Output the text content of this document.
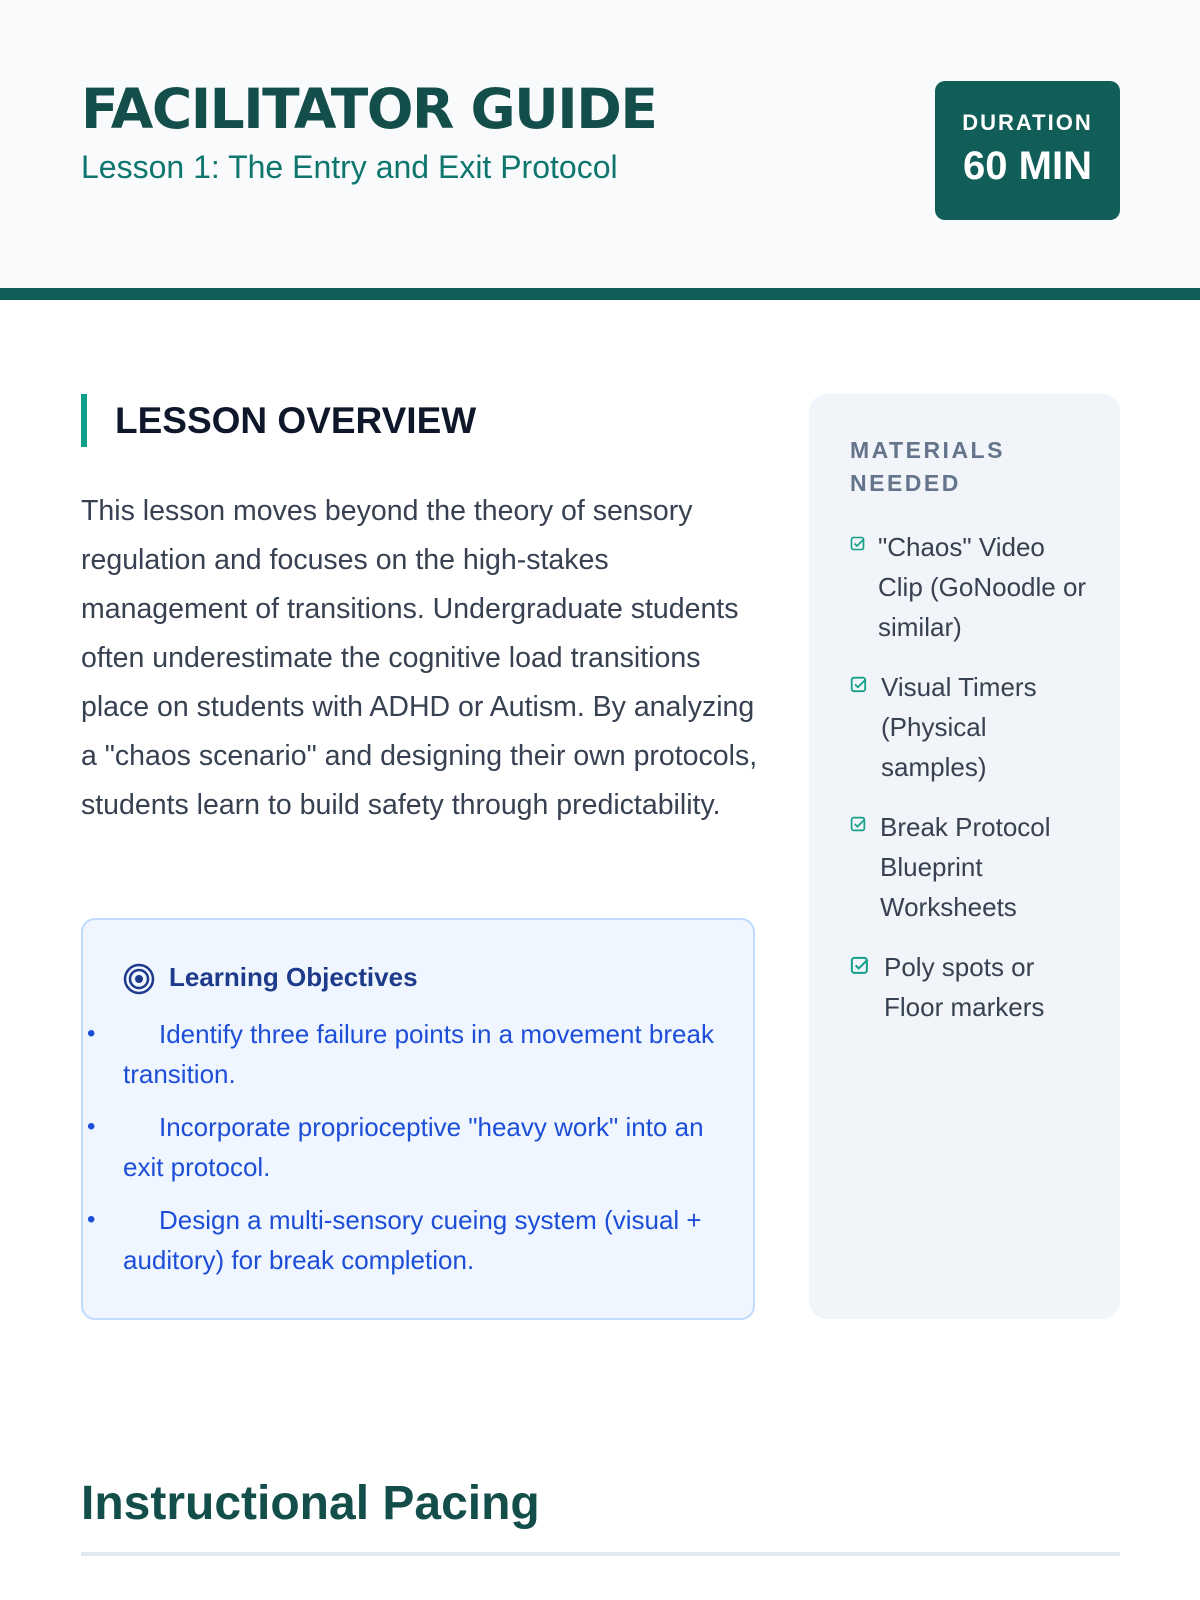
FACILITATOR GUIDE
Lesson 1: The Entry and Exit Protocol
DURATION
60 MIN
LESSON OVERVIEW

This lesson moves beyond the theory of sensory regulation and focuses on the high-stakes management of transitions. Undergraduate students often underestimate the cognitive load transitions place on students with ADHD or Autism. By analyzing a "chaos scenario" and designing their own protocols, students learn to build safety through predictability.

Learning Objectives
• Identify three failure points in a movement break transition.
• Incorporate proprioceptive "heavy work" into an exit protocol.
• Design a multi-sensory cueing system (visual + auditory) for break completion.
MATERIALS NEEDED
"Chaos" Video Clip (GoNoodle or similar)
Visual Timers (Physical samples)
Break Protocol Blueprint Worksheets
Poly spots or Floor markers
Instructional Pacing
